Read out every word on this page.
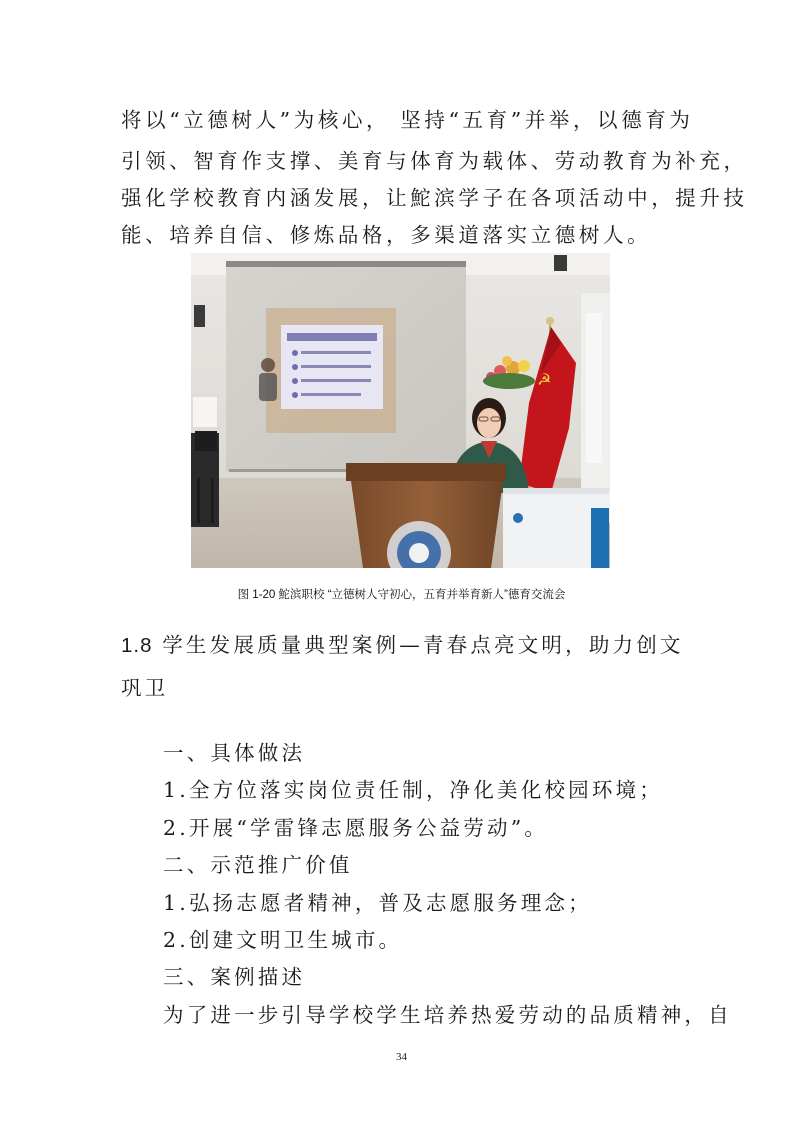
将以“立德树人”为核心， 坚持“五育”并举，以德育为
引领、智育作支撑、美育与体育为载体、劳动教育为补充，
强化学校教育内涵发展，让鮀滨学子在各项活动中，提升技
能、培养自信、修炼品格，多渠道落实立德树人。
☭
图 1-20 鮀滨职校 “立德树人守初心，五育并举育新人”德育交流会
1.8 学生发展质量典型案例—青春点亮文明，助力创文
巩卫
一、具体做法
1.全方位落实岗位责任制，净化美化校园环境；
2.开展“学雷锋志愿服务公益劳动”。
二、示范推广价值
1.弘扬志愿者精神，普及志愿服务理念；
2.创建文明卫生城市。
三、案例描述
为了进一步引导学校学生培养热爱劳动的品质精神，自
34
